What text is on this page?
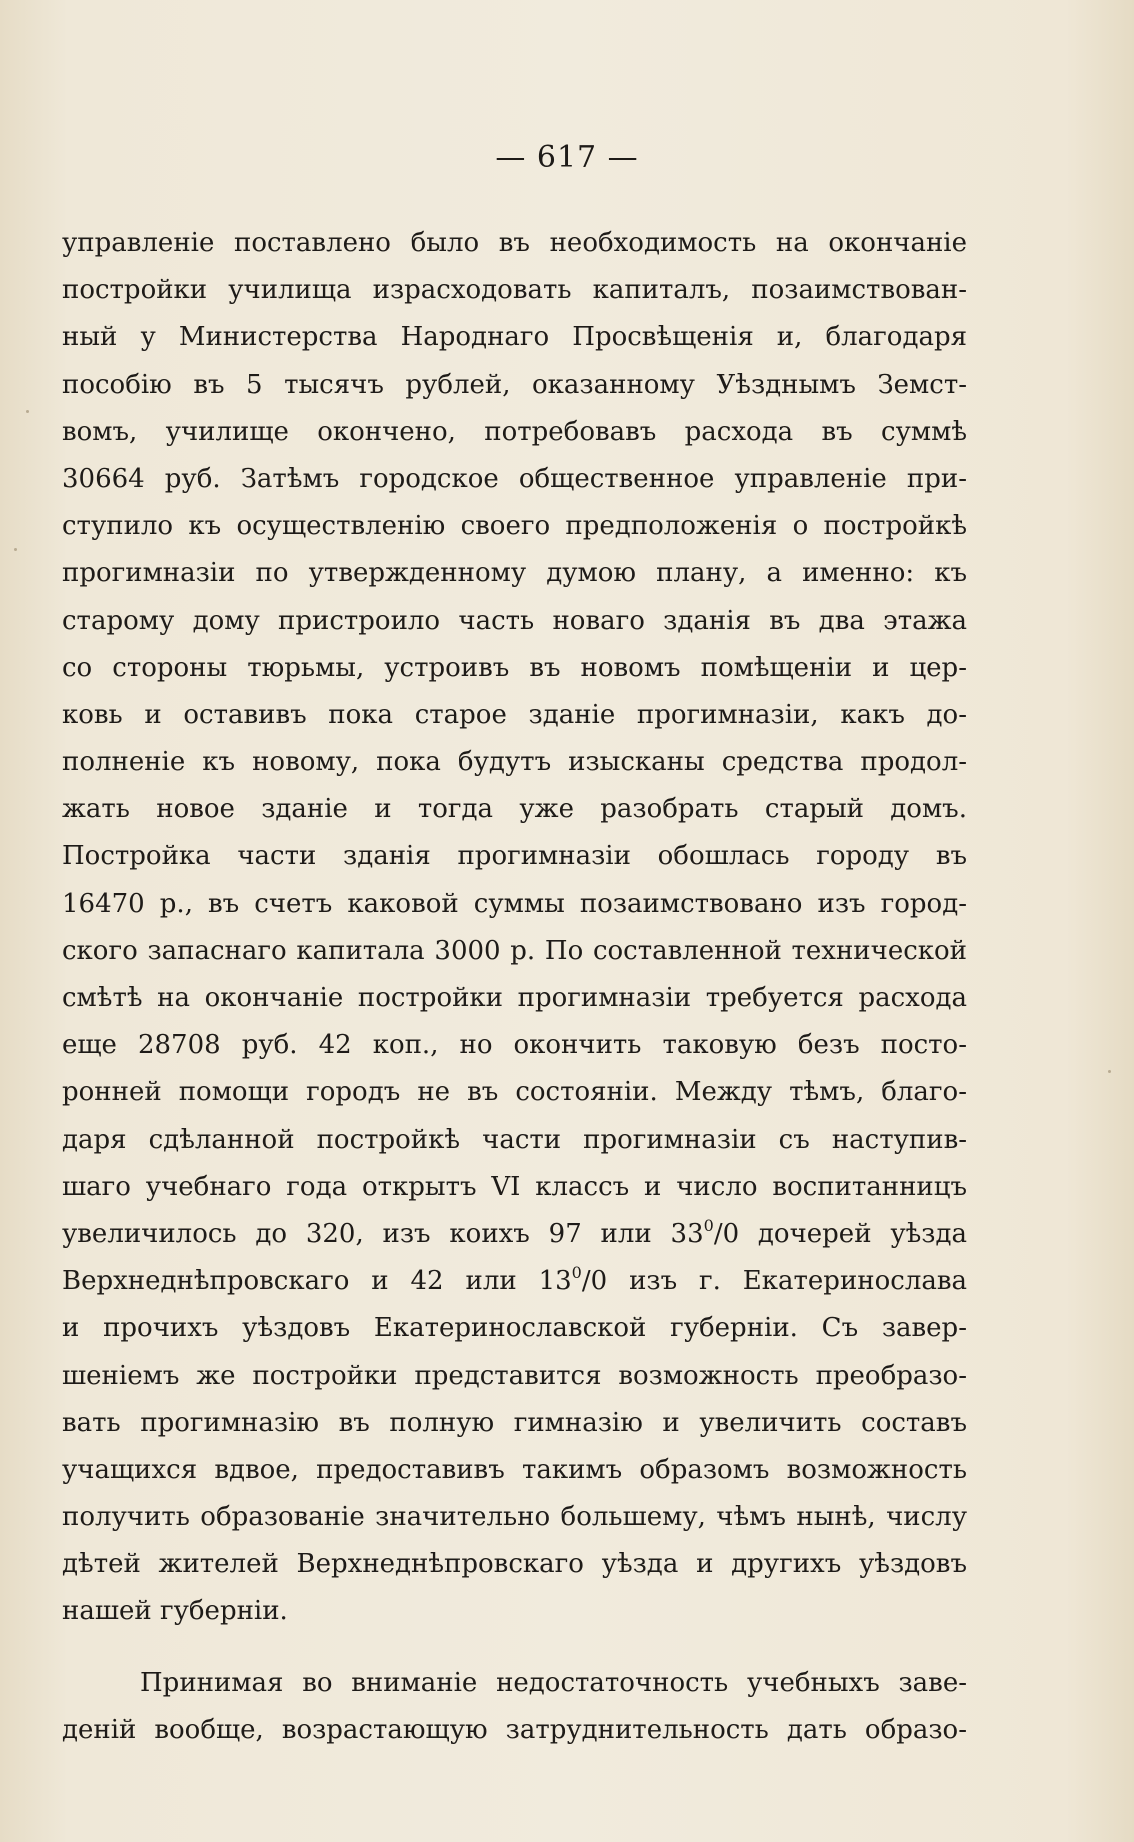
— 617 —
управленіе поставлено было въ необходимость на окончаніе
постройки училища израсходовать капиталъ, позаимствован-
ный у Министерства Народнаго Просвѣщенія и, благодаря
пособію въ 5 тысячъ рублей, оказанному Уѣзднымъ Земст-
вомъ, училище окончено, потребовавъ расхода въ суммѣ
30664 руб. Затѣмъ городское общественное управленіе при-
ступило къ осуществленію своего предположенія о постройкѣ
прогимназіи по утвержденному думою плану, а именно: къ
старому дому пристроило часть новаго зданія въ два этажа
со стороны тюрьмы, устроивъ въ новомъ помѣщеніи и цер-
ковь и оставивъ пока старое зданіе прогимназіи, какъ до-
полненіе къ новому, пока будутъ изысканы средства продол-
жать новое зданіе и тогда уже разобрать старый домъ.
Постройка части зданія прогимназіи обошлась городу въ
16470 р., въ счетъ каковой суммы позаимствовано изъ город-
ского запаснаго капитала 3000 р. По составленной технической
смѣтѣ на окончаніе постройки прогимназіи требуется расхода
еще 28708 руб. 42 коп., но окончить таковую безъ посто-
ронней помощи городъ не въ состояніи. Между тѣмъ, благо-
даря сдѣланной постройкѣ части прогимназіи съ наступив-
шаго учебнаго года открытъ VI классъ и число воспитанницъ
увеличилось до 320, изъ коихъ 97 или $33^0/0$ дочерей уѣзда
Верхнеднѣпровскаго и 42 или $13^0/0$ изъ г. Екатеринослава
и прочихъ уѣздовъ Екатеринославской губерніи. Съ завер-
шеніемъ же постройки представится возможность преобразо-
вать прогимназію въ полную гимназію и увеличить составъ
учащихся вдвое, предоставивъ такимъ образомъ возможность
получить образованіе значительно большему, чѣмъ нынѣ, числу
дѣтей жителей Верхнеднѣпровскаго уѣзда и другихъ уѣздовъ
нашей губерніи.
Принимая во вниманіе недостаточность учебныхъ заве-
деній вообще, возрастающую затруднительность дать образо-
